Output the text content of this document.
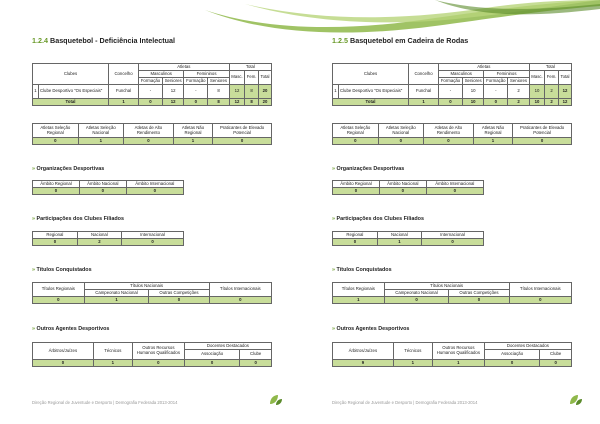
1.2.4 Basquetebol - Deficiência Intelectual
Clubes		Concelho	Atletas				Total		
			Masculinos		Femininos		Masc.	Fem.	Total
			Formação	Seniores	Formação	Seniores			
1	Clube Desportivo "Os Especiais"	Funchal	-	12	-	8	12	8	20
Total		1	0	12	0	8	12	8	20
Atletas Seleção Regional	Atletas Seleção Nacional	Atletas de Alto Rendimento	Atletas Não Regional	Praticantes de Elevado Potencial
0	1	0	1	0
» Organizações Desportivas
Âmbito Regional	Âmbito Nacional	Âmbito Internacional
0	0	0
» Participações dos Clubes Filiados
Regional	Nacional	Internacional
0	2	0
» Títulos Conquistados
Títulos Regionais	Títulos Nacionais		Títulos Internacionais
	Campeonato Nacional	Outras Competições	
0	1	0	0
» Outros Agentes Desportivos
Árbitros/Juízes	Técnicos	Outros Recursos Humanos Qualificados	Docentes Destacados	
			Associação	Clube
0	1	0	0	0
Direção Regional de Juventude e Desporto | Demografia Federada 2013-2014
1.2.5 Basquetebol em Cadeira de Rodas
Clubes		Concelho	Atletas				Total		
			Masculinos		Femininos		Masc.	Fem.	Total
			Formação	Seniores	Formação	Seniores			
1	Clube Desportivo "Os Especiais"	Funchal	-	10	-	2	10	2	12
Total		1	0	10	0	2	10	2	12
Atletas Seleção Regional	Atletas Seleção Nacional	Atletas de Alto Rendimento	Atletas Não Regional	Praticantes de Elevado Potencial
0	0	0	1	0
» Organizações Desportivas
Âmbito Regional	Âmbito Nacional	Âmbito Internacional
0	0	0
» Participações dos Clubes Filiados
Regional	Nacional	Internacional
0	1	0
» Títulos Conquistados
Títulos Regionais	Títulos Nacionais		Títulos Internacionais
	Campeonato Nacional	Outras Competições	
1	0	0	0
» Outros Agentes Desportivos
Árbitros/Juízes	Técnicos	Outros Recursos Humanos Qualificados	Docentes Destacados	
			Associação	Clube
9	1	1	0	0
Direção Regional de Juventude e Desporto | Demografia Federada 2013-2014
